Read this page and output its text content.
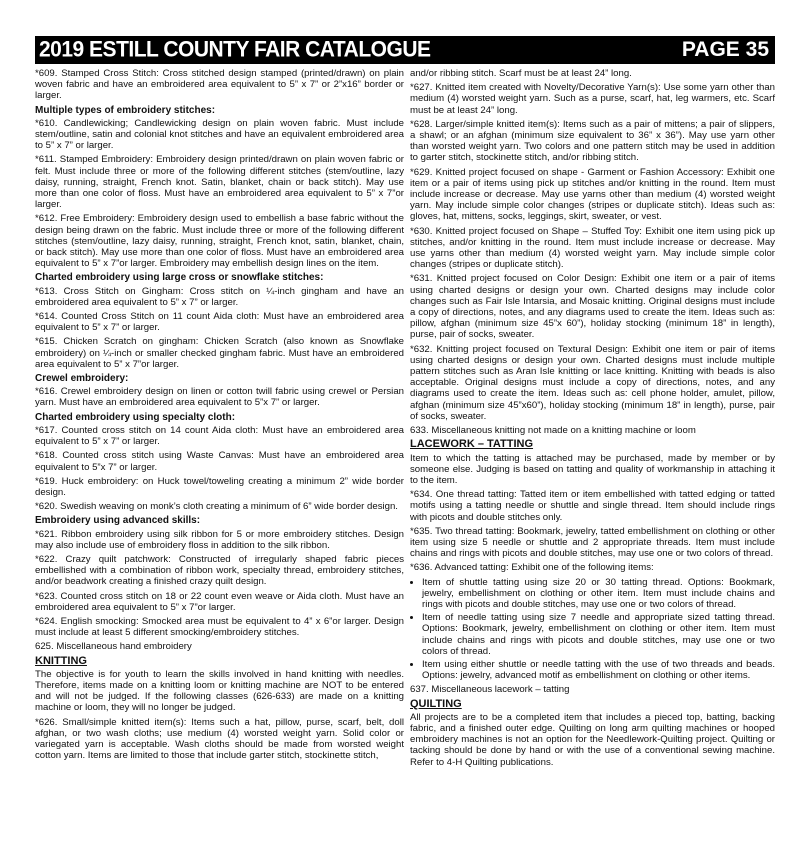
2019 ESTILL COUNTY FAIR CATALOGUE	PAGE 35

*609. Stamped Cross Stitch: Cross stitched design stamped (printed/drawn) on plain woven fabric and have an embroidered area equivalent to 5” x 7” or 2”x16” border or larger.

Multiple types of embroidery stitches:

*610. Candlewicking; Candlewicking design on plain woven fabric. Must include stem/outline, satin and colonial knot stitches and have an equivalent embroidered area to 5” x 7” or larger.

*611. Stamped Embroidery: Embroidery design printed/drawn on plain woven fabric or felt. Must include three or more of the following different stitches (stem/outline, lazy daisy, running, straight, French knot. Satin, blanket, chain or back stitch). May use more than one color of floss. Must have an embroidered area equivalent to 5” x 7”or larger.

*612. Free Embroidery: Embroidery design used to embellish a base fabric without the design being drawn on the fabric. Must include three or more of the following different stitches (stem/outline, lazy daisy, running, straight, French knot, satin, blanket, chain, or back stitch). May use more than one color of floss. Must have an embroidered area equivalent to 5” x 7”or larger. Embroidery may embellish design lines on the item.

Charted embroidery using large cross or snowflake stitches:

*613. Cross Stitch on Gingham: Cross stitch on ¼-inch gingham and have an embroidered area equivalent to 5” x 7” or larger.

*614. Counted Cross Stitch on 11 count Aida cloth: Must have an embroidered area equivalent to 5” x 7” or larger.

*615. Chicken Scratch on gingham: Chicken Scratch (also known as Snowflake embroidery) on ¼-inch or smaller checked gingham fabric. Must have an embroidered area equivalent to 5” x 7”or larger.

Crewel embroidery:

*616. Crewel embroidery design on linen or cotton twill fabric using crewel or Persian yarn. Must have an embroidered area equivalent to 5”x 7” or larger.

Charted embroidery using specialty cloth:

*617. Counted cross stitch on 14 count Aida cloth: Must have an embroidered area equivalent to 5” x 7” or larger.

*618. Counted cross stitch using Waste Canvas: Must have an embroidered area equivalent to 5”x 7” or larger.

*619. Huck embroidery: on Huck towel/toweling creating a minimum 2” wide border design.

*620. Swedish weaving on monk’s cloth creating a minimum of 6” wide border design.

Embroidery using advanced skills:

*621. Ribbon embroidery using silk ribbon for 5 or more embroidery stitches. Design may also include use of embroidery floss in addition to the silk ribbon.

*622. Crazy quilt patchwork: Constructed of irregularly shaped fabric pieces embellished with a combination of ribbon work, specialty thread, embroidery stitches, and/or beadwork creating a finished crazy quilt design.

*623. Counted cross stitch on 18 or 22 count even weave or Aida cloth. Must have an embroidered area equivalent to 5” x 7”or larger.

*624. English smocking: Smocked area must be equivalent to 4” x 6”or larger. Design must include at least 5 different smocking/embroidery stitches.

625. Miscellaneous hand embroidery

KNITTING

The objective is for youth to learn the skills involved in hand knitting with needles. Therefore, items made on a knitting loom or knitting machine are NOT to be entered and will not be judged. If the following classes (626-633) are made on a knitting machine or loom, they will no longer be judged.

*626. Small/simple knitted item(s): Items such a hat, pillow, purse, scarf, belt, doll afghan, or two wash cloths; use medium (4) worsted weight yarn. Solid color or variegated yarn is acceptable. Wash cloths should be made from worsted weight cotton yarn. Items are limited to those that include garter stitch, stockinette stitch,

and/or ribbing stitch. Scarf must be at least 24” long.

*627. Knitted item created with Novelty/Decorative Yarn(s): Use some yarn other than medium (4) worsted weight yarn. Such as a purse, scarf, hat, leg warmers, etc. Scarf must be at least 24” long.

*628. Larger/simple knitted item(s): Items such as a pair of mittens; a pair of slippers, a shawl; or an afghan (minimum size equivalent to 36” x 36”). May use yarn other than worsted weight yarn. Two colors and one pattern stitch may be used in addition to garter stitch, stockinette stitch, and/or ribbing stitch.

*629. Knitted project focused on shape - Garment or Fashion Accessory: Exhibit one item or a pair of items using pick up stitches and/or knitting in the round. Item must include increase or decrease. May use yarns other than medium (4) worsted weight yarn. May include simple color changes (stripes or duplicate stitch). Ideas such as: gloves, hat, mittens, socks, leggings, skirt, sweater, or vest.

*630. Knitted project focused on Shape – Stuffed Toy: Exhibit one item using pick up stitches, and/or knitting in the round. Item must include increase or decrease. May use yarns other than medium (4) worsted weight yarn. May include simple color changes (stripes or duplicate stitch).

*631. Knitted project focused on Color Design: Exhibit one item or a pair of items using charted designs or design your own. Charted designs may include color changes such as Fair Isle Intarsia, and Mosaic knitting. Original designs must include a copy of directions, notes, and any diagrams used to create the item. Ideas such as: pillow, afghan (minimum size 45”x 60”), holiday stocking (minimum 18” in length), purse, pair of socks, sweater.

*632. Knitting project focused on Textural Design: Exhibit one item or pair of items using charted designs or design your own. Charted designs must include multiple pattern stitches such as Aran Isle knitting or lace knitting. Knitting with beads is also acceptable. Original designs must include a copy of directions, notes, and any diagrams used to create the item. Ideas such as: cell phone holder, amulet, pillow, afghan (minimum size 45”x60”), holiday stocking (minimum 18” in length), purse, pair of socks, sweater.

633. Miscellaneous knitting not made on a knitting machine or loom

LACEWORK – TATTING

Item to which the tatting is attached may be purchased, made by member or by someone else. Judging is based on tatting and quality of workmanship in attaching it to the item.

*634. One thread tatting: Tatted item or item embellished with tatted edging or tatted motifs using a tatting needle or shuttle and single thread. Item should include rings with picots and double stitches only.

*635. Two thread tatting: Bookmark, jewelry, tatted embellishment on clothing or other item using size 5 needle or shuttle and 2 appropriate threads. Item must include chains and rings with picots and double stitches, may use one or two colors of thread.

*636. Advanced tatting: Exhibit one of the following items:

• Item of shuttle tatting using size 20 or 30 tatting thread. Options: Bookmark, jewelry, embellishment on clothing or other item. Item must include chains and rings with picots and double stitches, may use one or two colors of thread.
• Item of needle tatting using size 7 needle and appropriate sized tatting thread. Options: Bookmark, jewelry, embellishment on clothing or other item. Item must include chains and rings with picots and double stitches, may use one or two colors of thread.
• Item using either shuttle or needle tatting with the use of two threads and beads. Options: jewelry, advanced motif as embellishment on clothing or other items.

637. Miscellaneous lacework – tatting

QUILTING

All projects are to be a completed item that includes a pieced top, batting, backing fabric, and a finished outer edge. Quilting on long arm quilting machines or hooped embroidery machines is not an option for the Needlework-Quilting project. Quilting or tacking should be done by hand or with the use of a conventional sewing machine. Refer to 4-H Quilting publications.
